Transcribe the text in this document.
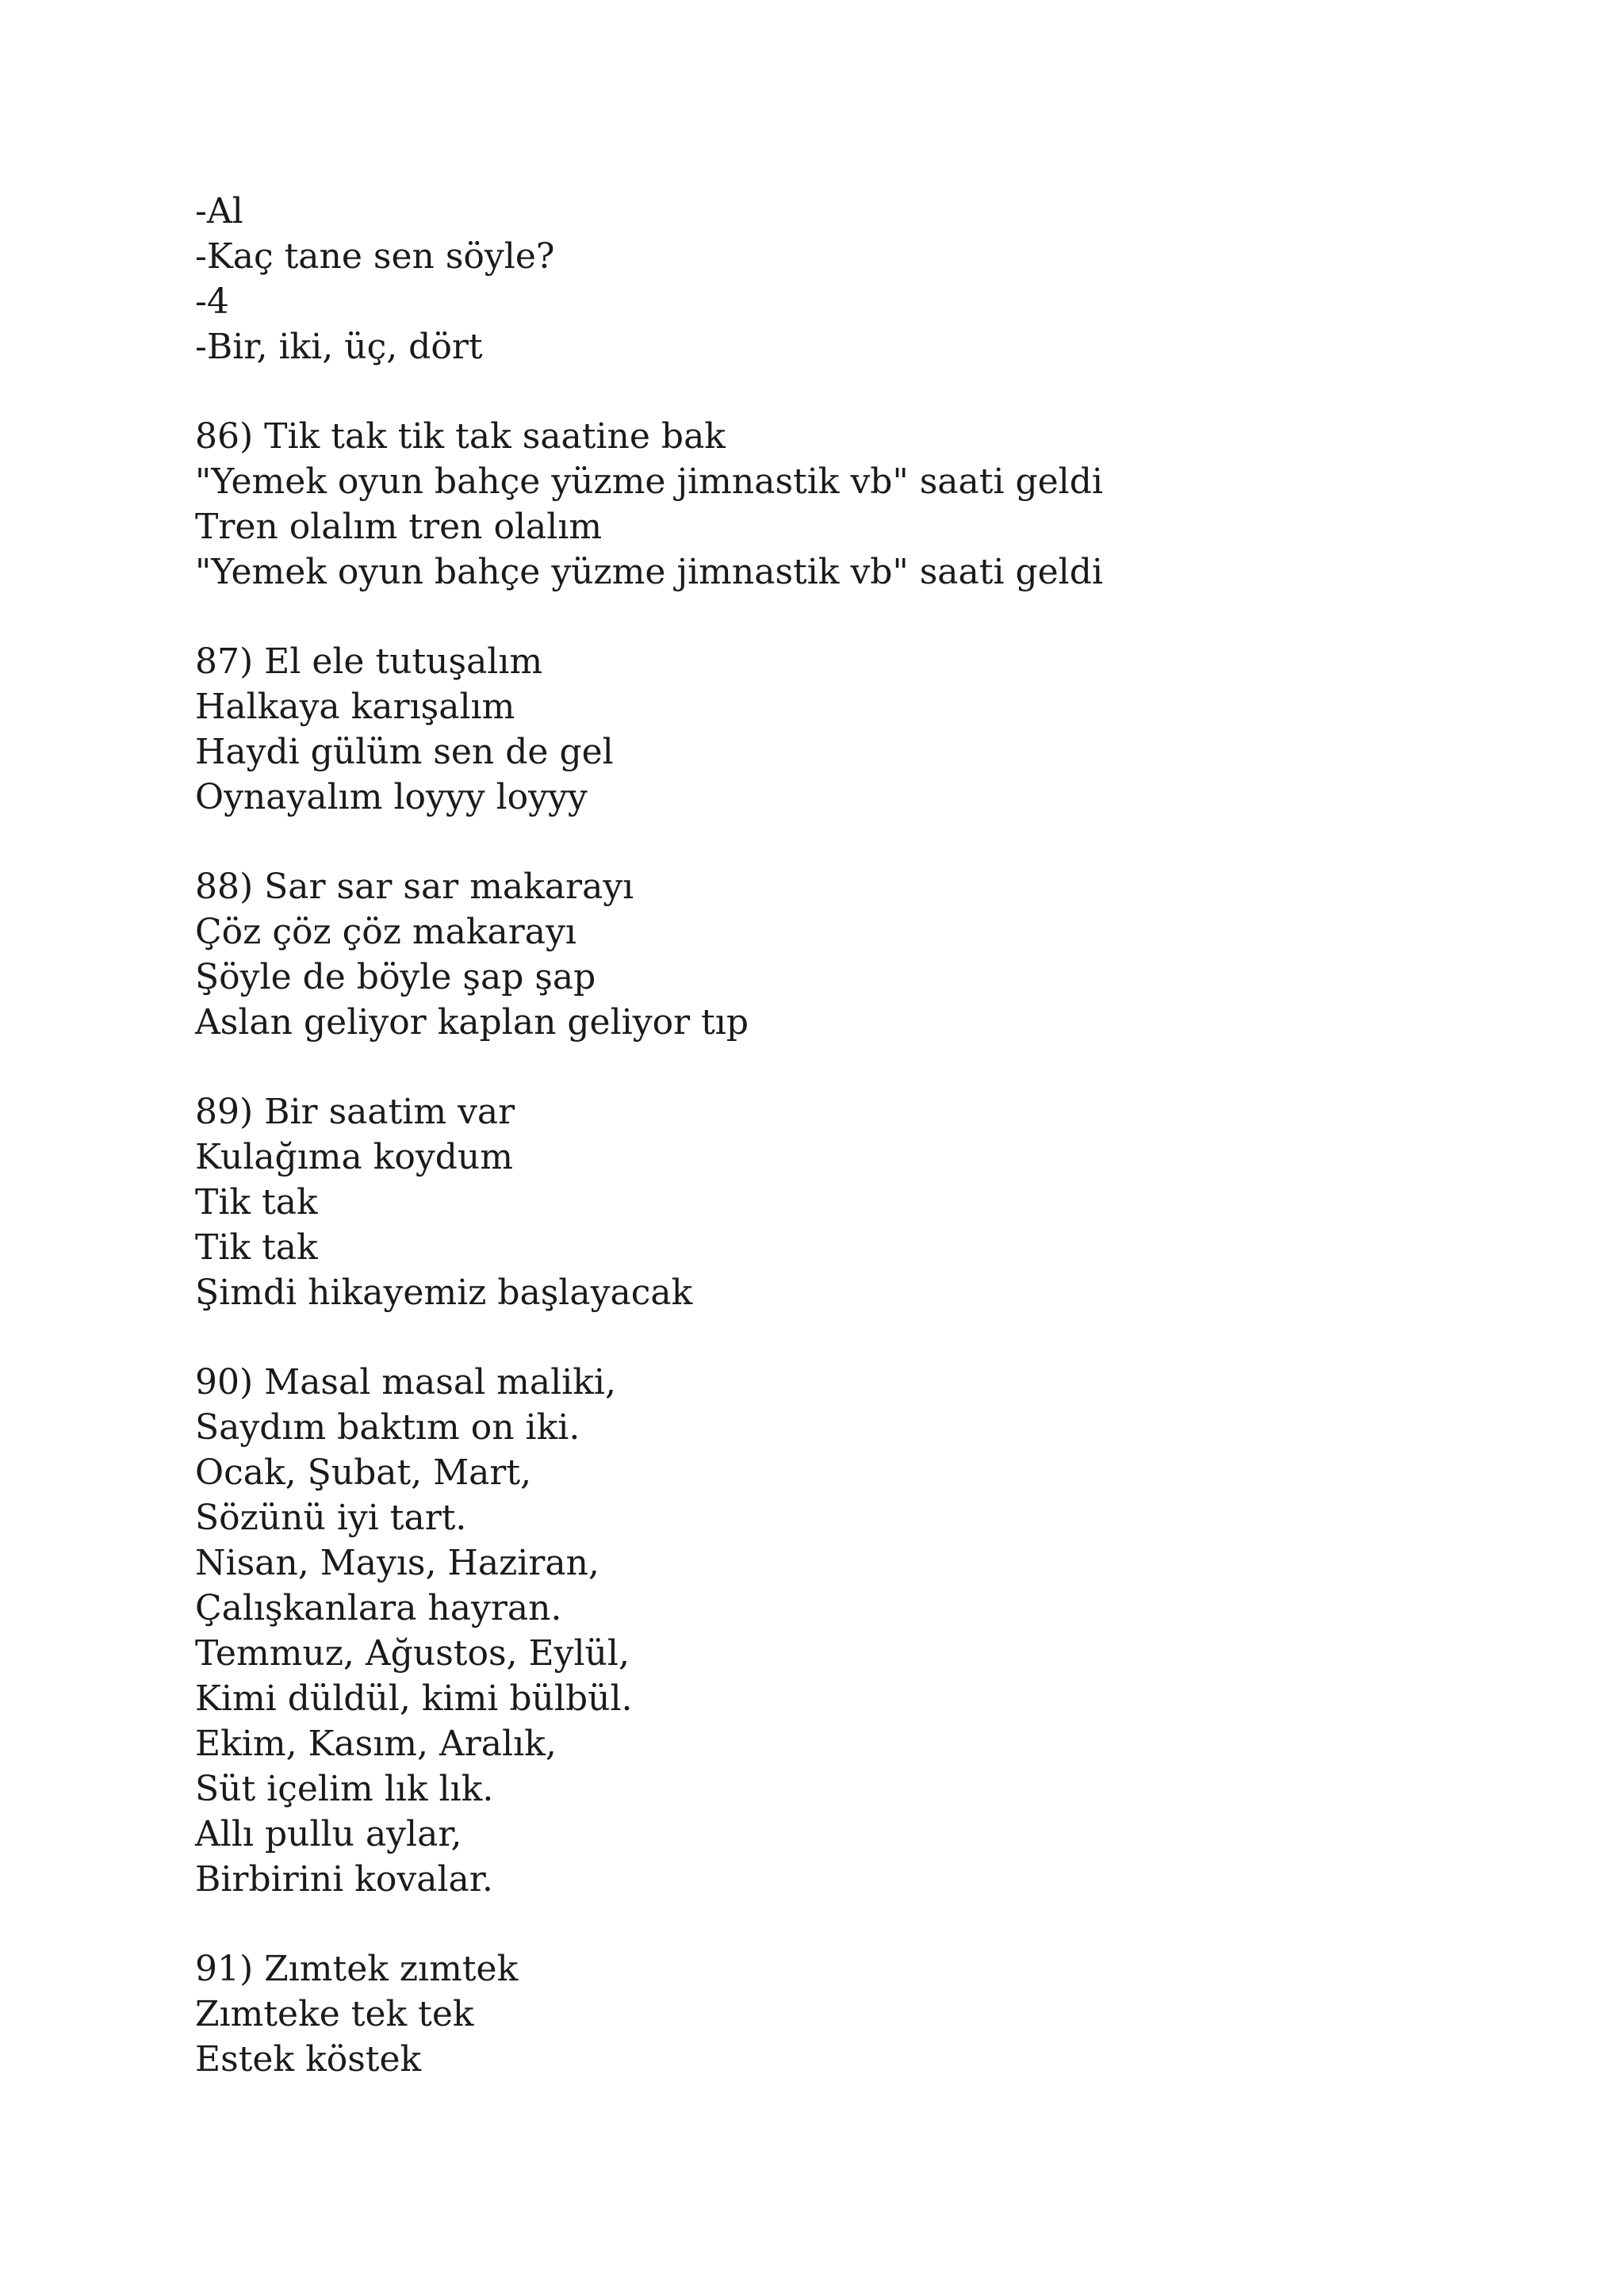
-Al
-Kaç tane sen söyle?
-4
-Bir, iki, üç, dört
86) Tik tak tik tak saatine bak
"Yemek oyun bahçe yüzme jimnastik vb" saati geldi
Tren olalım tren olalım
"Yemek oyun bahçe yüzme jimnastik vb" saati geldi
87) El ele tutuşalım
Halkaya karışalım
Haydi gülüm sen de gel
Oynayalım loyyy loyyy
88) Sar sar sar makarayı
Çöz çöz çöz makarayı
Şöyle de böyle şap şap
Aslan geliyor kaplan geliyor tıp
89) Bir saatim var
Kulağıma koydum
Tik tak
Tik tak
Şimdi hikayemiz başlayacak
90) Masal masal maliki,
Saydım baktım on iki.
Ocak, Şubat, Mart,
Sözünü iyi tart.
Nisan, Mayıs, Haziran,
Çalışkanlara hayran.
Temmuz, Ağustos, Eylül,
Kimi düldül, kimi bülbül.
Ekim, Kasım, Aralık,
Süt içelim lık lık.
Allı pullu aylar,
Birbirini kovalar.
91) Zımtek zımtek
Zımteke tek tek
Estek köstek
